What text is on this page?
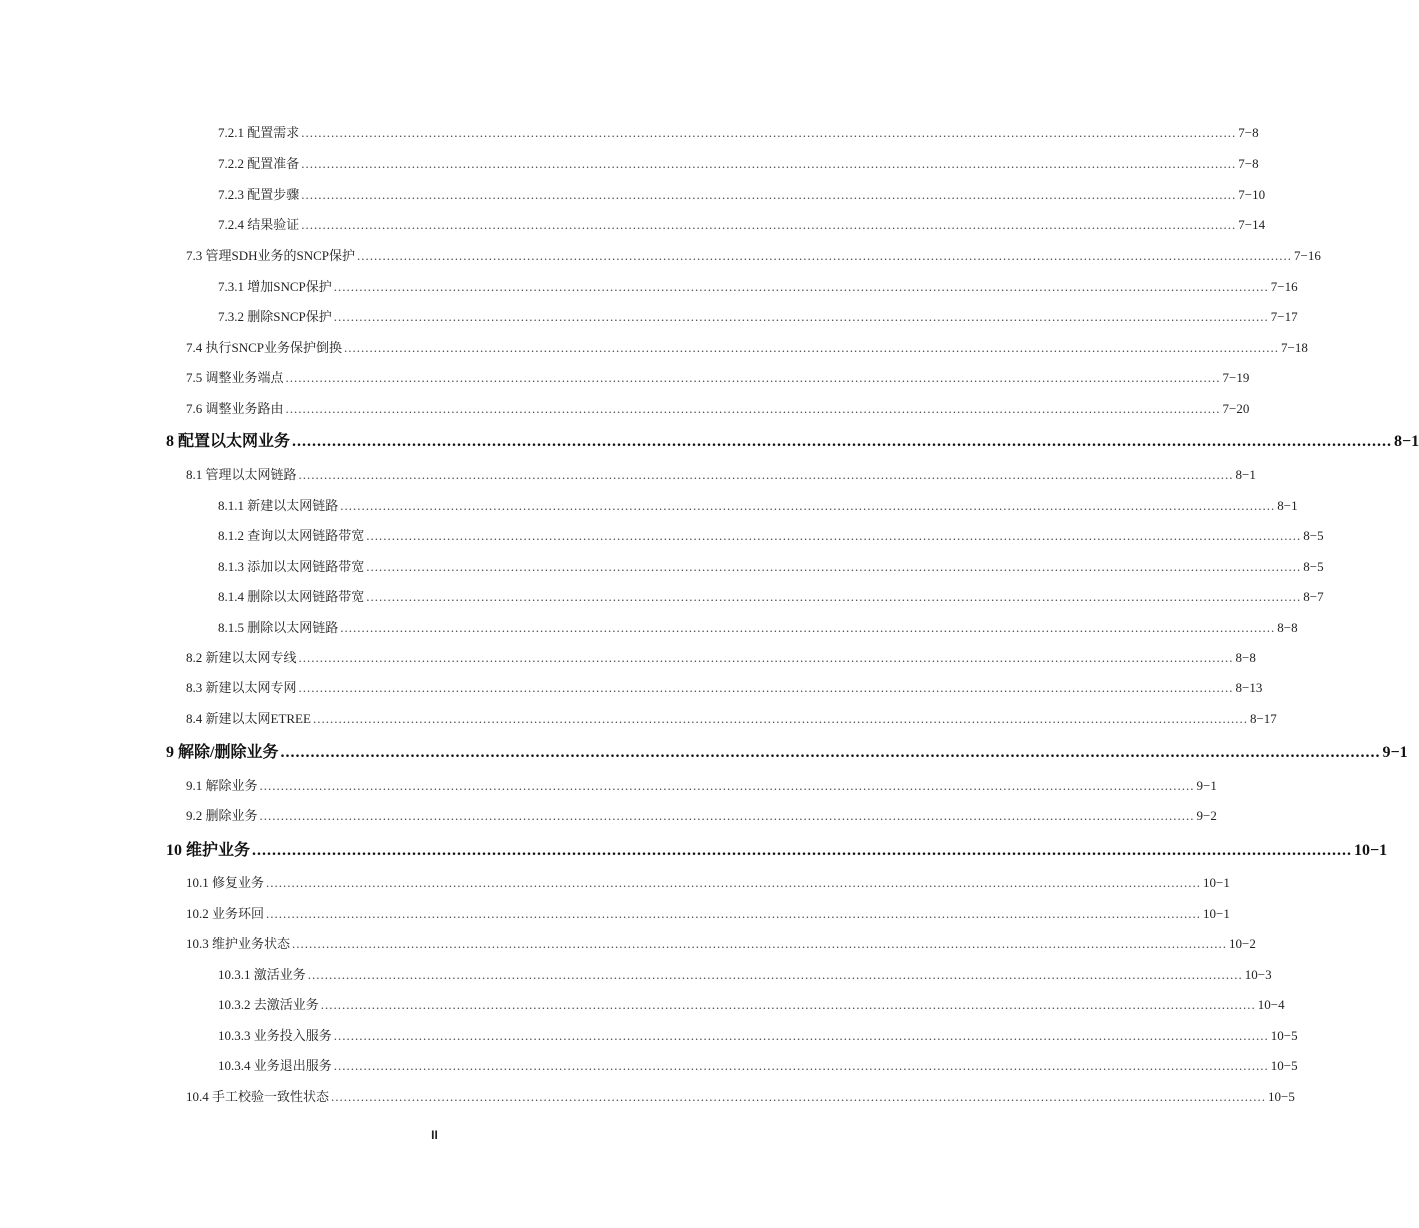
7.2.1 配置需求 ............................................................................................................................................................................................................................ 7−8
7.2.2 配置准备 ............................................................................................................................................................................................................................ 7−8
7.2.3 配置步骤 ............................................................................................................................................................................................................................ 7−10
7.2.4 结果验证 ............................................................................................................................................................................................................................ 7−14
7.3 管理SDH业务的SNCP保护 ............................................................................................................................................................................................................................ 7−16
7.3.1 增加SNCP保护 ............................................................................................................................................................................................................................ 7−16
7.3.2 删除SNCP保护 ............................................................................................................................................................................................................................ 7−17
7.4 执行SNCP业务保护倒换 ............................................................................................................................................................................................................................ 7−18
7.5 调整业务端点 ............................................................................................................................................................................................................................ 7−19
7.6 调整业务路由 ............................................................................................................................................................................................................................ 7−20
8 配置以太网业务 ............................................................................................................................................................................................................................ 8−1
8.1 管理以太网链路 ............................................................................................................................................................................................................................ 8−1
8.1.1 新建以太网链路 ............................................................................................................................................................................................................................ 8−1
8.1.2 查询以太网链路带宽 ............................................................................................................................................................................................................................ 8−5
8.1.3 添加以太网链路带宽 ............................................................................................................................................................................................................................ 8−5
8.1.4 删除以太网链路带宽 ............................................................................................................................................................................................................................ 8−7
8.1.5 删除以太网链路 ............................................................................................................................................................................................................................ 8−8
8.2 新建以太网专线 ............................................................................................................................................................................................................................ 8−8
8.3 新建以太网专网 ............................................................................................................................................................................................................................ 8−13
8.4 新建以太网ETREE ............................................................................................................................................................................................................................ 8−17
9 解除/删除业务 ............................................................................................................................................................................................................................ 9−1
9.1 解除业务 ............................................................................................................................................................................................................................ 9−1
9.2 删除业务 ............................................................................................................................................................................................................................ 9−2
10 维护业务 ............................................................................................................................................................................................................................ 10−1
10.1 修复业务 ............................................................................................................................................................................................................................ 10−1
10.2 业务环回 ............................................................................................................................................................................................................................ 10−1
10.3 维护业务状态 ............................................................................................................................................................................................................................ 10−2
10.3.1 激活业务 ............................................................................................................................................................................................................................ 10−3
10.3.2 去激活业务 ............................................................................................................................................................................................................................ 10−4
10.3.3 业务投入服务 ............................................................................................................................................................................................................................ 10−5
10.3.4 业务退出服务 ............................................................................................................................................................................................................................ 10−5
10.4 手工校验一致性状态 ............................................................................................................................................................................................................................ 10−5
II
